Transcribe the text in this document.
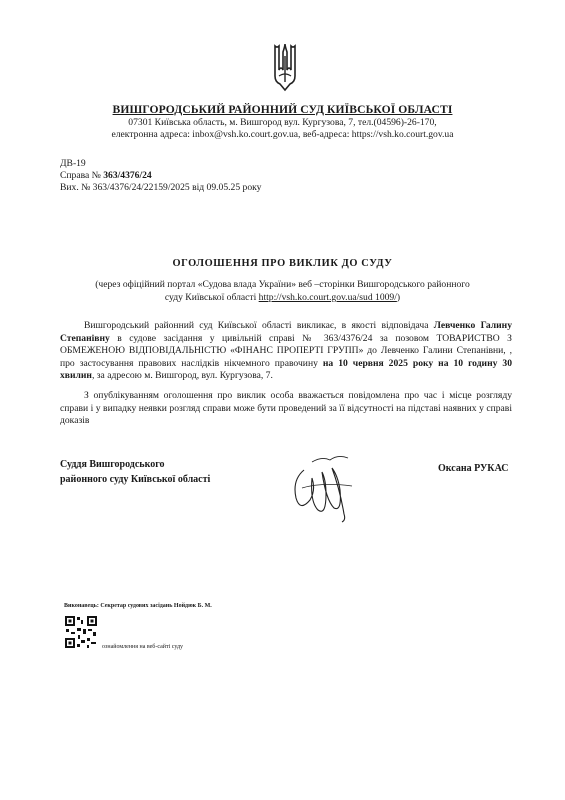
ВИШГОРОДСЬКИЙ РАЙОННИЙ СУД КИЇВСЬКОЇ ОБЛАСТІ
07301 Київська область, м. Вишгород вул. Кургузова, 7, тел.(04596)-26-170,
електронна адреса: inbox@vsh.ko.court.gov.ua, веб-адреса: https://vsh.ko.court.gov.ua
ДВ-19
Справа № 363/4376/24
Вих. № 363/4376/24/22159/2025 від 09.05.25 року
ОГОЛОШЕННЯ ПРО ВИКЛИК ДО СУДУ
(через офіційний портал «Судова влада України» веб –сторінки Вишгородського районного
суду Київської області http://vsh.ko.court.gov.ua/sud 1009/)
Вишгородський районний суд Київської області викликає, в якості відповідача Левченко Галину Степанівну в судове засідання у цивільній справі № 363/4376/24 за позовом ТОВАРИСТВО З ОБМЕЖЕНОЮ ВІДПОВІДАЛЬНІСТЮ «ФІНАНС ПРОПЕРТІ ГРУПП» до Левченко Галини Степанівни, , про застосування правових наслідків нікчемного правочину на 10 червня 2025 року на 10 годину 30 хвилин, за адресою м. Вишгород, вул. Кургузова, 7.
З опублікуванням оголошення про виклик особа вважається повідомлена про час і місце розгляду справи і у випадку неявки розгляд справи може бути проведений за її відсутності на підставі наявних у справі доказів
Суддя Вишгородського
районного суду Київської області
Оксана РУКАС
Виконавець: Секретар судових засідань Нойдюк Б. М.
ознайомлення на веб-сайті суду
